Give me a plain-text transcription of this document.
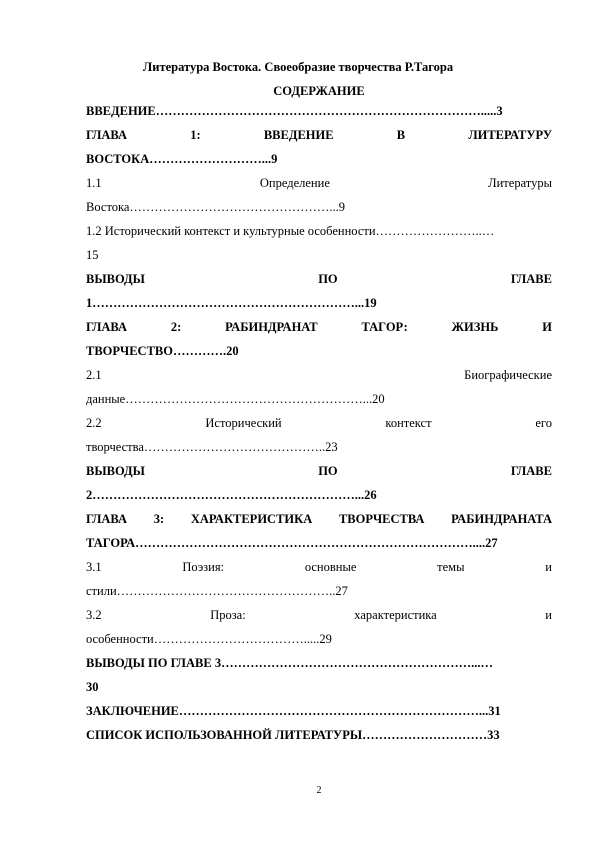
Литература Востока. Своеобразие творчества Р.Тагора
СОДЕРЖАНИЕ
ВВЕДЕНИЕ…………………………………………………………………….....3
ГЛАВА	1:	ВВЕДЕНИЕ	В	ЛИТЕРАТУРУ
ВОСТОКА………………………...9
1.1	Определение	Литературы
Востока…………………………………………...9
1.2 Исторический контекст и культурные особенности……………………..…
15
ВЫВОДЫ	ПО	ГЛАВЕ
1………………………………………………………...19
ГЛАВА	2:	РАБИНДРАНАТ	ТАГОР:	ЖИЗНЬ	И
ТВОРЧЕСТВО………….20
2.1	Биографические
данные…………………………………………………...20
2.2	Исторический	контекст	его
творчества……………………………………..23
ВЫВОДЫ	ПО	ГЛАВЕ
2………………………………………………………...26
ГЛАВА 3: ХАРАКТЕРИСТИКА ТВОРЧЕСТВА РАБИНДРАНАТА
ТАГОРА………………………………………………………………………....27
3.1	Поэзия:	основные	темы	и
стили……………………………………………..27
3.2	Проза:	характеристика	и
особенности……………………………….....29
ВЫВОДЫ ПО ГЛАВЕ 3……………………………………………………...…
30
ЗАКЛЮЧЕНИЕ………………………………………………………………...31
СПИСОК ИСПОЛЬЗОВАННОЙ ЛИТЕРАТУРЫ…………………………33
2
